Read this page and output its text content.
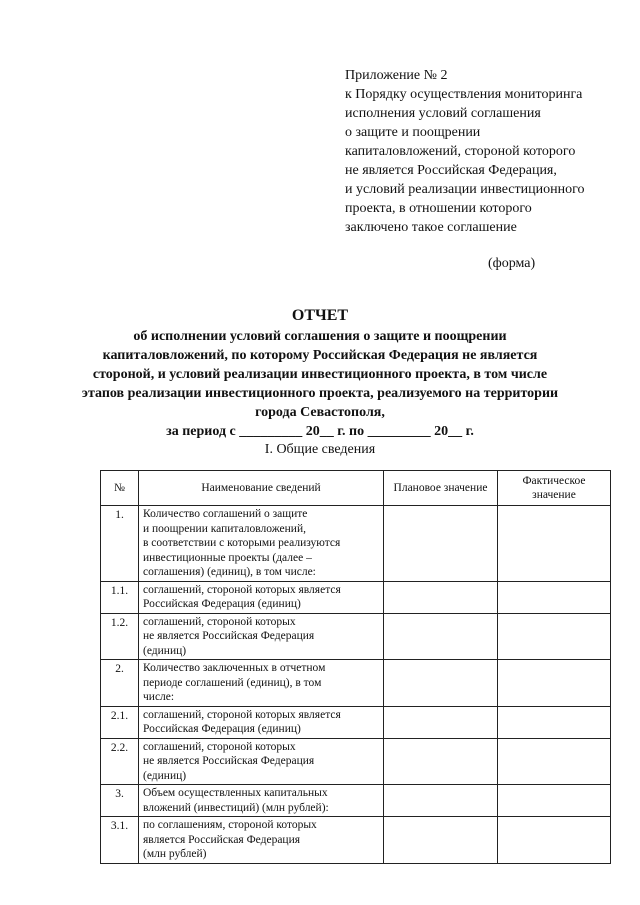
Приложение № 2
к Порядку осуществления мониторинга
исполнения условий соглашения
о защите и поощрении
капиталовложений, стороной которого
не является Российская Федерация,
и условий реализации инвестиционного
проекта, в отношении которого
заключено такое соглашение
(форма)
ОТЧЕТ
об исполнении условий соглашения о защите и поощрении
капиталовложений, по которому Российская Федерация не является
стороной, и условий реализации инвестиционного проекта, в том числе
этапов реализации инвестиционного проекта, реализуемого на территории
города Севастополя,
за период с _________ 20__ г. по _________ 20__ г.
I. Общие сведения
№	Наименование сведений	Плановое значение	Фактическое значение
1.	Количество соглашений о защите
и поощрении капиталовложений,
в соответствии с которыми реализуются
инвестиционные проекты (далее –
соглашения) (единиц), в том числе:		

1.1.	соглашений, стороной которых является
Российская Федерация (единиц)		

1.2.	соглашений, стороной которых
не является Российская Федерация
(единиц)		

2.	Количество заключенных в отчетном
периоде соглашений (единиц), в том
числе:		

2.1.	соглашений, стороной которых является
Российская Федерация (единиц)		

2.2.	соглашений, стороной которых
не является Российская Федерация
(единиц)		

3.	Объем осуществленных капитальных
вложений (инвестиций) (млн рублей):		

3.1.	по соглашениям, стороной которых
является Российская Федерация
(млн рублей)		
